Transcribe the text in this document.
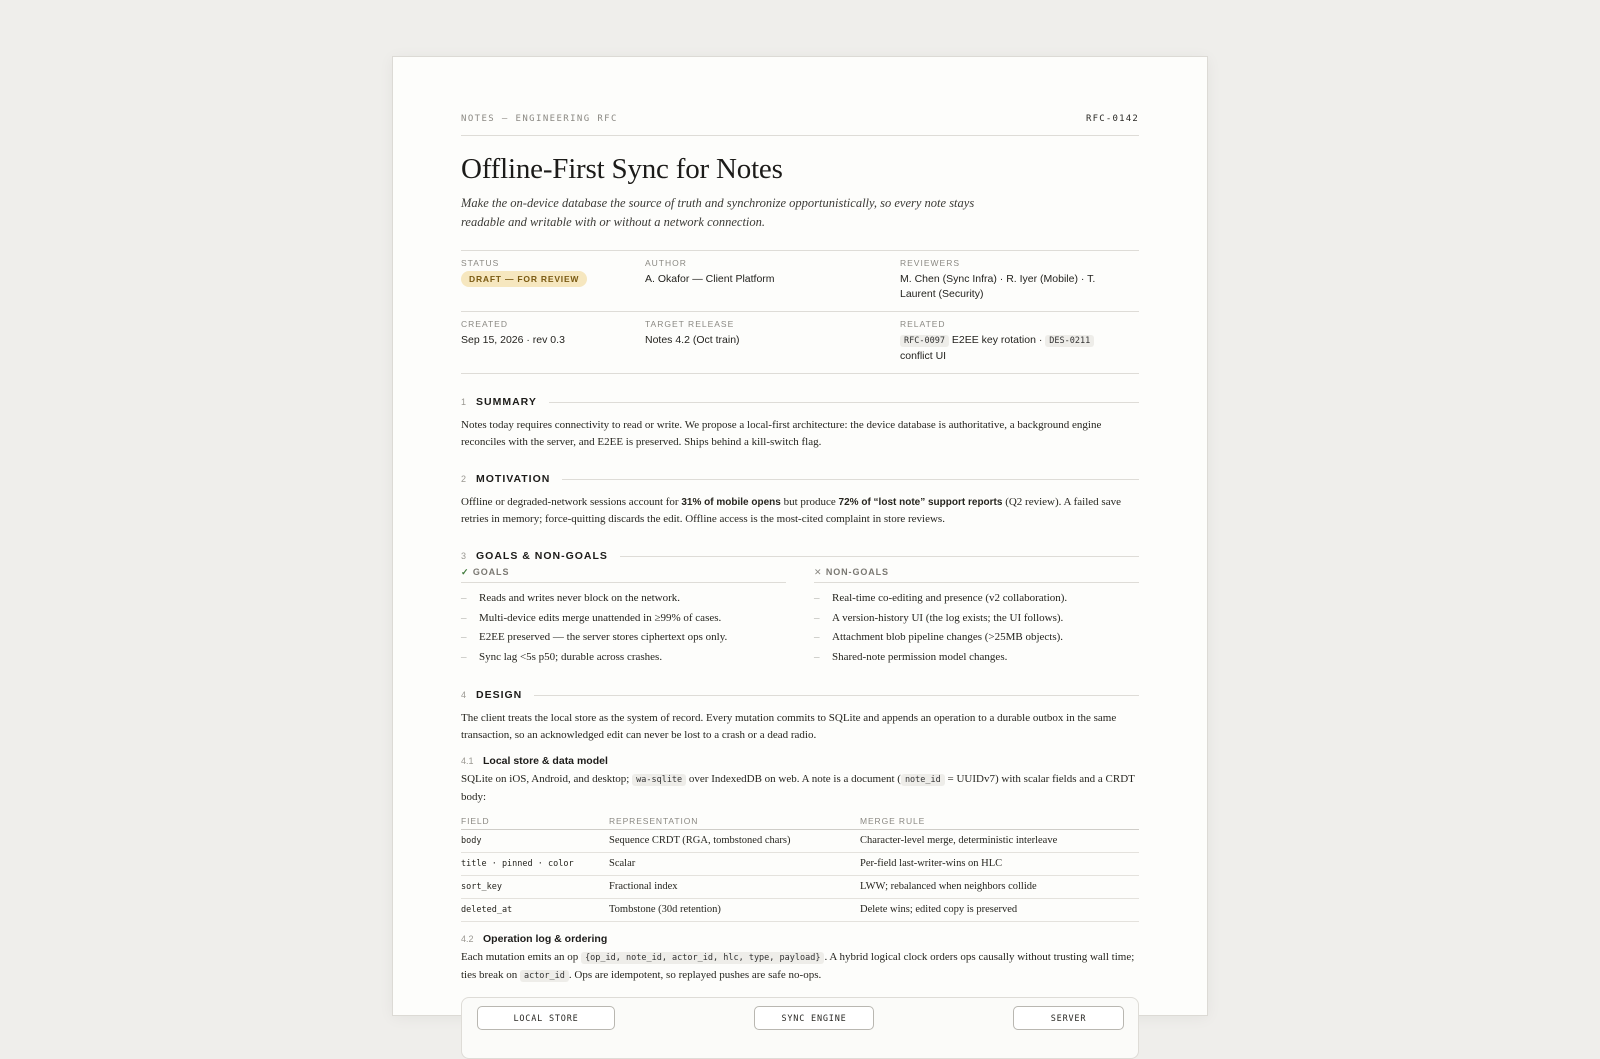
NOTES — ENGINEERING RFC	RFC-0142
Offline-First Sync for Notes

Make the on-device database the source of truth and synchronize opportunistically, so every note stays readable and writable with or without a network connection.

STATUS
DRAFT — FOR REVIEW
AUTHOR
A. Okafor — Client Platform
REVIEWERS
M. Chen (Sync Infra) · R. Iyer (Mobile) · T. Laurent (Security)
CREATED
Sep 15, 2026 · rev 0.3
TARGET RELEASE
Notes 4.2 (Oct train)
RELATED
RFC-0097 E2EE key rotation · DES-0211 conflict UI
1 SUMMARY

Notes today requires connectivity to read or write. We propose a local-first architecture: the device database is authoritative, a background engine reconciles with the server, and E2EE is preserved. Ships behind a kill-switch flag.

2 MOTIVATION

Offline or degraded-network sessions account for 31% of mobile opens but produce 72% of “lost note” support reports (Q2 review). A failed save retries in memory; force-quitting discards the edit. Offline access is the most-cited complaint in store reviews.

3 GOALS & NON-GOALS
✓ GOALS
– Reads and writes never block on the network.
– Multi-device edits merge unattended in ≥99% of cases.
– E2EE preserved — the server stores ciphertext ops only.
– Sync lag <5s p50; durable across crashes.
✕ NON-GOALS
– Real-time co-editing and presence (v2 collaboration).
– A version-history UI (the log exists; the UI follows).
– Attachment blob pipeline changes (>25MB objects).
– Shared-note permission model changes.
4 DESIGN

The client treats the local store as the system of record. Every mutation commits to SQLite and appends an operation to a durable outbox in the same transaction, so an acknowledged edit can never be lost to a crash or a dead radio.

4.1 Local store & data model

SQLite on iOS, Android, and desktop; wa-sqlite over IndexedDB on web. A note is a document ( note_id = UUIDv7) with scalar fields and a CRDT body:

FIELD	REPRESENTATION	MERGE RULE
body	Sequence CRDT (RGA, tombstoned chars)	Character-level merge, deterministic interleave
title · pinned · color	Scalar	Per-field last-writer-wins on HLC
sort_key	Fractional index	LWW; rebalanced when neighbors collide
deleted_at	Tombstone (30d retention)	Delete wins; edited copy is preserved
4.2 Operation log & ordering

Each mutation emits an op {op_id, note_id, actor_id, hlc, type, payload} . A hybrid logical clock orders ops causally without trusting wall time; ties break on actor_id . Ops are idempotent, so replayed pushes are safe no-ops.

LOCAL STORE	SYNC ENGINE	SERVER
